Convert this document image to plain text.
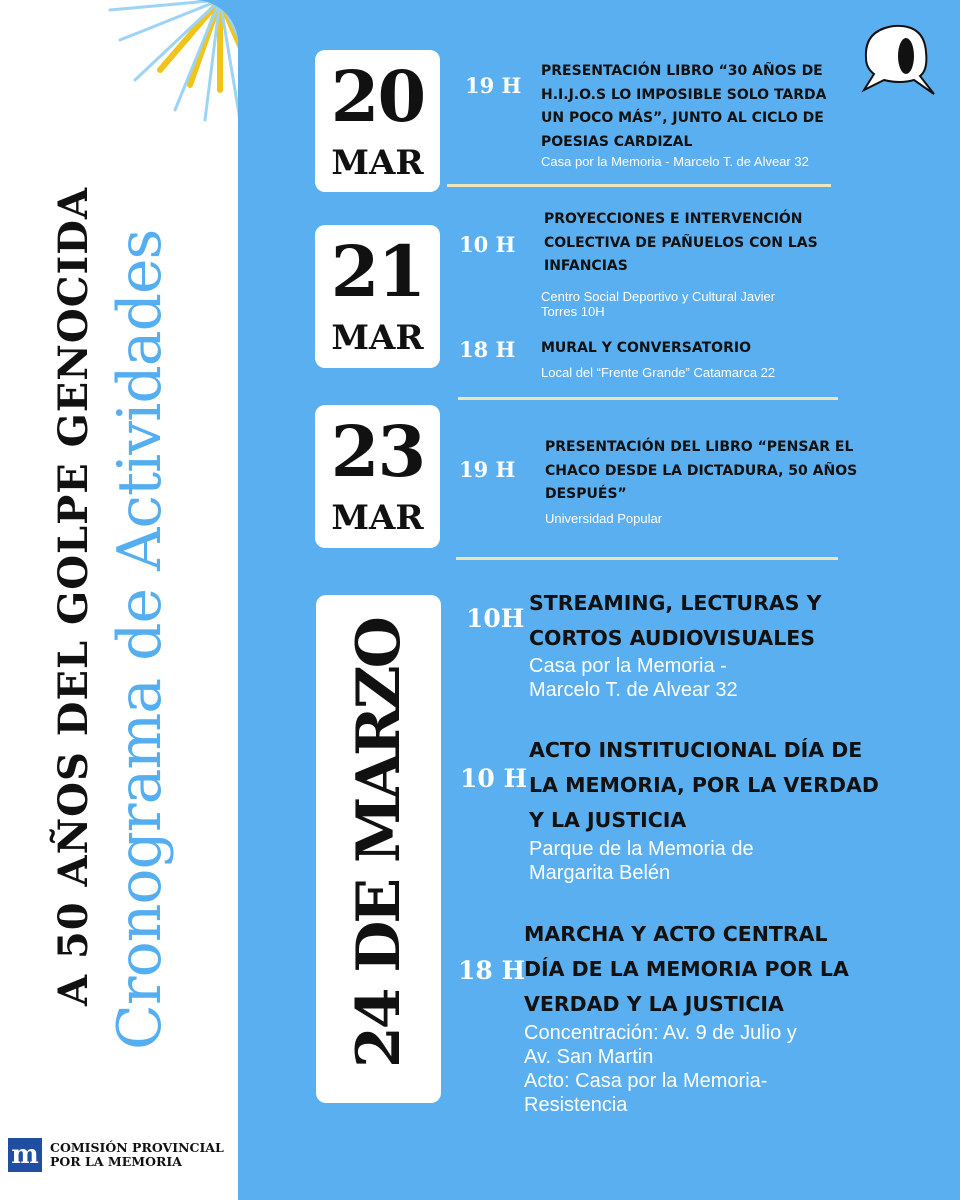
A 50 AÑOS DEL GOLPE GENOCIDA Cronograma de Actividades
m COMISIÓN PROVINCIAL
POR LA MEMORIA
20
MAR
19 H
PRESENTACIÓN LIBRO “30 AÑOS DE
H.I.J.O.S LO IMPOSIBLE SOLO TARDA
UN POCO MÁS”, JUNTO AL CICLO DE
POESIAS CARDIZAL
Casa por la Memoria - Marcelo T. de Alvear 32
21
MAR
10 H
PROYECCIONES E INTERVENCIÓN
COLECTIVA DE PAÑUELOS CON LAS
INFANCIAS
Centro Social Deportivo y Cultural Javier
Torres 10H
18 H MURAL Y CONVERSATORIO
Local del “Frente Grande” Catamarca 22
23
MAR
19 H
PRESENTACIÓN DEL LIBRO “PENSAR EL
CHACO DESDE LA DICTADURA, 50 AÑOS
DESPUÉS”
Universidad Popular
24 DE MARZO
10H
STREAMING, LECTURAS Y
CORTOS AUDIOVISUALES
Casa por la Memoria -
Marcelo T. de Alvear 32
10 H
ACTO INSTITUCIONAL DÍA DE
LA MEMORIA, POR LA VERDAD
Y LA JUSTICIA
Parque de la Memoria de
Margarita Belén
18 H
MARCHA Y ACTO CENTRAL
DÍA DE LA MEMORIA POR LA
VERDAD Y LA JUSTICIA
Concentración: Av. 9 de Julio y
Av. San Martin
Acto: Casa por la Memoria-
Resistencia
